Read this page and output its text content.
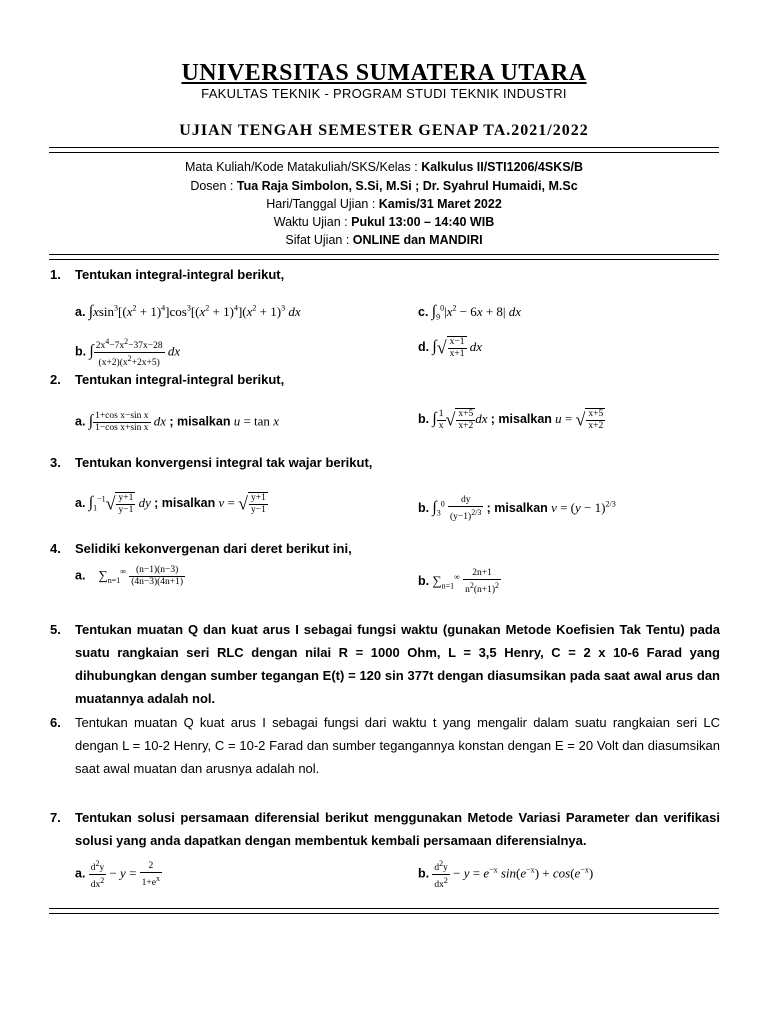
UNIVERSITAS SUMATERA UTARA
FAKULTAS TEKNIK - PROGRAM STUDI TEKNIK INDUSTRI
UJIAN TENGAH SEMESTER GENAP TA.2021/2022
Mata Kuliah/Kode Matakuliah/SKS/Kelas : Kalkulus II/STI1206/4SKS/B
Dosen : Tua Raja Simbolon, S.Si, M.Si ; Dr. Syahrul Humaidi, M.Sc
Hari/Tanggal Ujian : Kamis/31 Maret 2022
Waktu Ujian : Pukul 13:00 – 14:40 WIB
Sifat Ujian : ONLINE dan MANDIRI
1. Tentukan integral-integral berikut,
a. $\int xsin^3[(x^2 + 1)^4]\cos^3[(x^2 + 1)^4](x^2 + 1)^3$ dx	c. $\int_9^0|x^2 - 6x + 8|$ dx
b. ∫ $\frac{2x^4-7x^2-37x-28}{(x+2)(x^2+2x+5)}$ dx	d. ∫√ $\frac{x-1}{x+1}$ dx
2. Tentukan integral-integral berikut,
a. ∫ $\frac{\text{1+cos x−sin x}}{\text{1−cos x+sin x}}$ dx ; misalkan u = tan x	b. ∫ $\frac{1}{x}$ √ $\frac{x+5}{x+2}$ dx ; misalkan u = √ $\frac{x+5}{x+2}$
3. Tentukan konvergensi integral tak wajar berikut,
a. $\int_1^{-1}√ \frac{y+1}{y-1}$ dy ; misalkan v = √ $\frac{y+1}{y-1}$	b. $\int_3^0 \frac{dy}{(y-1)^{2/3}}$ ; misalkan $v = (y - 1)^{2/3}$
4. Selidiki kekonvergenan dari deret berikut ini,
a.    $\sum_{n=1}^\infty \frac{(n-1)(n-3)}{(4n-3)(4n+1)}$	b. $\sum_{n=1}^\infty \frac{2n+1}{n^2(n+1)^2}$
5. Tentukan muatan Q dan kuat arus I sebagai fungsi waktu (gunakan Metode Koefisien Tak Tentu) pada suatu rangkaian seri RLC dengan nilai R = 1000 Ohm, L = 3,5 Henry, C = 2 x 10-6 Farad yang dihubungkan dengan sumber tegangan E(t) = 120 sin 377t dengan diasumsikan pada saat awal arus dan muatannya adalah nol.
6. Tentukan muatan Q kuat arus I sebagai fungsi dari waktu t yang mengalir dalam suatu rangkaian seri LC dengan L = 10-2 Henry, C = 10-2 Farad dan sumber tegangannya konstan dengan E = 20 Volt dan diasumsikan saat awal muatan dan arusnya adalah nol.
7. Tentukan solusi persamaan diferensial berikut menggunakan Metode Variasi Parameter dan verifikasi solusi yang anda dapatkan dengan membentuk kembali persamaan diferensialnya.
a. $\frac{d^2y}{dx^2} - y = \frac{2}{1+e^x}$	b. $\frac{d^2y}{dx^2} - y = e^{-x}$ $\sin(e^{-x}) + \cos(e^{-x})$
